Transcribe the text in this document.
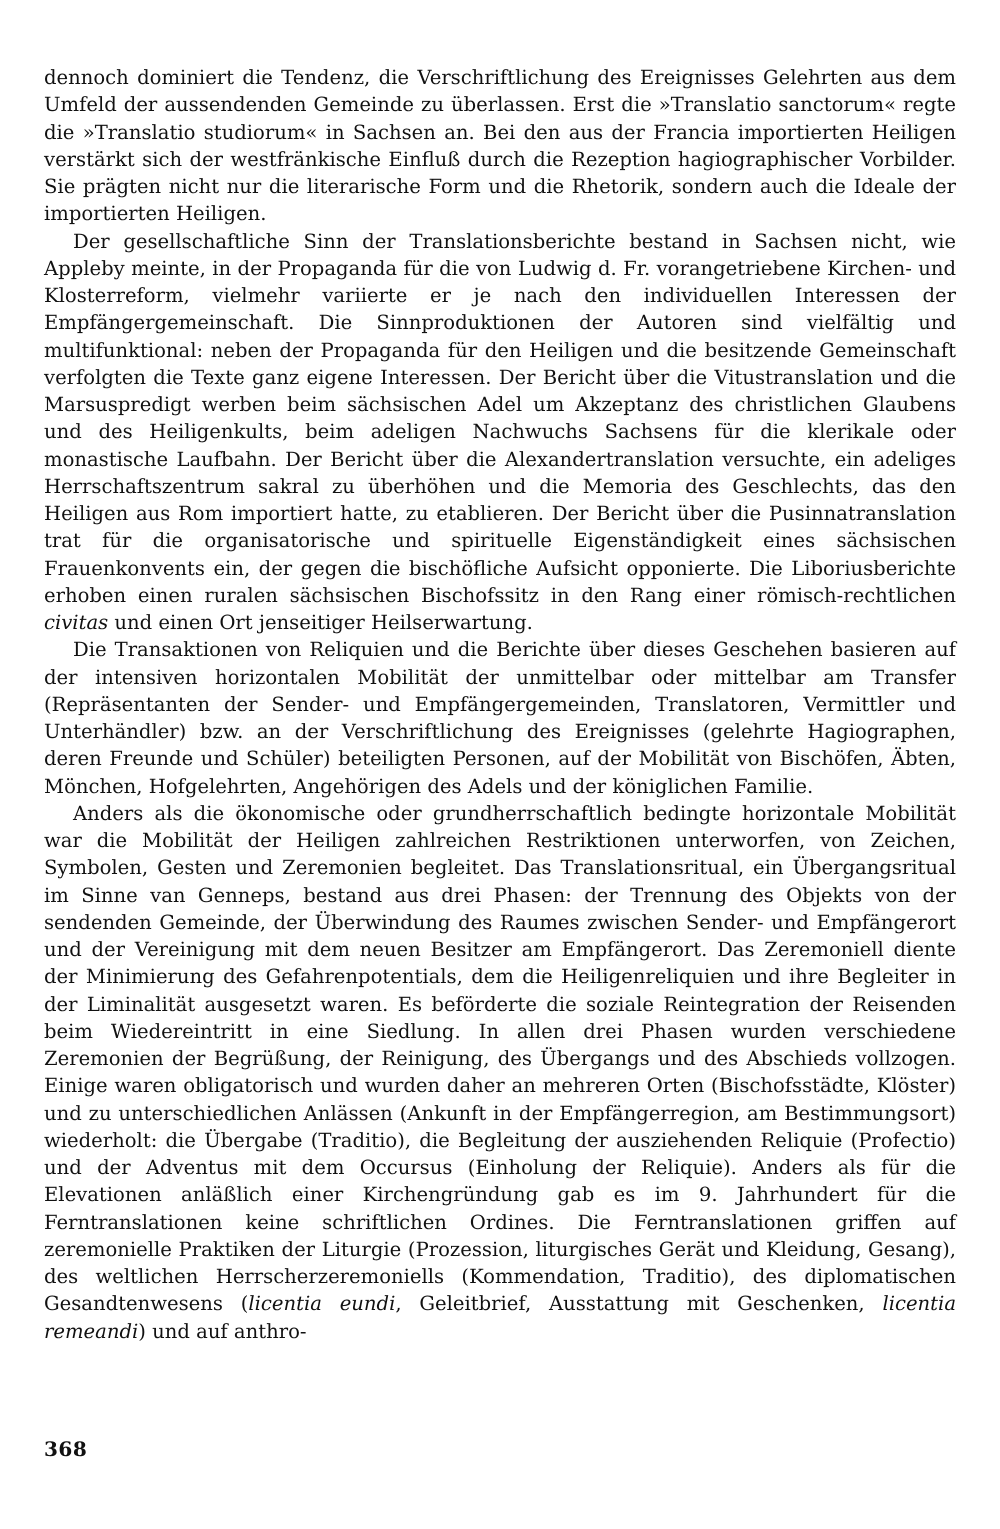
dennoch dominiert die Tendenz, die Verschriftlichung des Ereignisses Gelehrten aus dem Umfeld der aussendenden Gemeinde zu überlassen. Erst die »Translatio sanctorum« regte die »Translatio studiorum« in Sachsen an. Bei den aus der Francia importierten Heiligen verstärkt sich der westfränkische Einfluß durch die Rezeption hagiographischer Vorbilder. Sie prägten nicht nur die literarische Form und die Rhetorik, sondern auch die Ideale der importierten Heiligen.

Der gesellschaftliche Sinn der Translationsberichte bestand in Sachsen nicht, wie Appleby meinte, in der Propaganda für die von Ludwig d. Fr. vorangetriebene Kirchen- und Klosterreform, vielmehr variierte er je nach den individuellen Interessen der Empfängergemeinschaft. Die Sinnproduktionen der Autoren sind vielfältig und multifunktional: neben der Propaganda für den Heiligen und die besitzende Gemeinschaft verfolgten die Texte ganz eigene Interessen. Der Bericht über die Vitustranslation und die Marsuspredigt werben beim sächsischen Adel um Akzeptanz des christlichen Glaubens und des Heiligenkults, beim adeligen Nachwuchs Sachsens für die klerikale oder monastische Laufbahn. Der Bericht über die Alexandertranslation versuchte, ein adeliges Herrschaftszentrum sakral zu überhöhen und die Memoria des Geschlechts, das den Heiligen aus Rom importiert hatte, zu etablieren. Der Bericht über die Pusinnatranslation trat für die organisatorische und spirituelle Eigenständigkeit eines sächsischen Frauenkonvents ein, der gegen die bischöfliche Aufsicht opponierte. Die Liboriusberichte erhoben einen ruralen sächsischen Bischofssitz in den Rang einer römisch-rechtlichen civitas und einen Ort jenseitiger Heilserwartung.

Die Transaktionen von Reliquien und die Berichte über dieses Geschehen basieren auf der intensiven horizontalen Mobilität der unmittelbar oder mittelbar am Transfer (Repräsentanten der Sender- und Empfängergemeinden, Translatoren, Vermittler und Unterhändler) bzw. an der Verschriftlichung des Ereignisses (gelehrte Hagiographen, deren Freunde und Schüler) beteiligten Personen, auf der Mobilität von Bischöfen, Äbten, Mönchen, Hofgelehrten, Angehörigen des Adels und der königlichen Familie.

Anders als die ökonomische oder grundherrschaftlich bedingte horizontale Mobilität war die Mobilität der Heiligen zahlreichen Restriktionen unterworfen, von Zeichen, Symbolen, Gesten und Zeremonien begleitet. Das Translationsritual, ein Übergangsritual im Sinne van Genneps, bestand aus drei Phasen: der Trennung des Objekts von der sendenden Gemeinde, der Überwindung des Raumes zwischen Sender- und Empfängerort und der Vereinigung mit dem neuen Besitzer am Empfängerort. Das Zeremoniell diente der Minimierung des Gefahrenpotentials, dem die Heiligenreliquien und ihre Begleiter in der Liminalität ausgesetzt waren. Es beförderte die soziale Reintegration der Reisenden beim Wiedereintritt in eine Siedlung. In allen drei Phasen wurden verschiedene Zeremonien der Begrüßung, der Reinigung, des Übergangs und des Abschieds vollzogen. Einige waren obligatorisch und wurden daher an mehreren Orten (Bischofsstädte, Klöster) und zu unterschiedlichen Anlässen (Ankunft in der Empfängerregion, am Bestimmungsort) wiederholt: die Übergabe (Traditio), die Begleitung der ausziehenden Reliquie (Profectio) und der Adventus mit dem Occursus (Einholung der Reliquie). Anders als für die Elevationen anläßlich einer Kirchengründung gab es im 9. Jahrhundert für die Ferntranslationen keine schriftlichen Ordines. Die Ferntranslationen griffen auf zeremonielle Praktiken der Liturgie (Prozession, liturgisches Gerät und Kleidung, Gesang), des weltlichen Herrscherzeremoniells (Kommendation, Traditio), des diplomatischen Gesandtenwesens (licentia eundi, Geleitbrief, Ausstattung mit Geschenken, licentia remeandi) und auf anthro-

368
